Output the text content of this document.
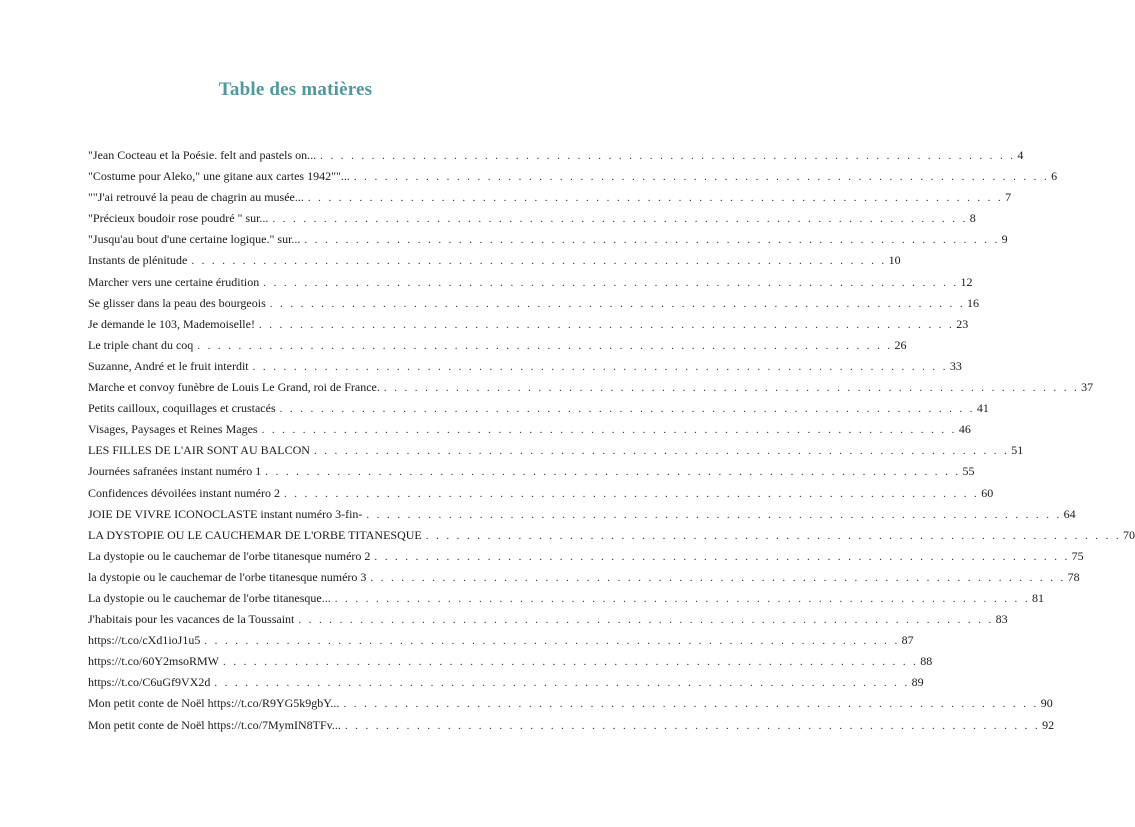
Table des matières
"Jean Cocteau et la Poésie. felt and pastels on... . . .	4
"Costume pour Aleko," une gitane aux cartes 1942""... . . .	6
""J'ai retrouvé la peau de chagrin au musée... . . .	7
"Précieux boudoir rose poudré " sur... . . .	8
"Jusqu'au bout d'une certaine logique." sur... . . .	9
Instants de plénitude . . .	10
Marcher vers une certaine érudition . . .	12
Se glisser dans la peau des bourgeois . . .	16
Je demande le 103, Mademoiselle! . . .	23
Le triple chant du coq . . .	26
Suzanne, André et le fruit interdit . . .	33
Marche et convoy funèbre de Louis Le Grand, roi de France. . . .	37
Petits cailloux, coquillages et crustacés . . .	41
Visages, Paysages et Reines Mages . . .	46
LES FILLES DE L'AIR SONT AU BALCON . . .	51
Journées safranées instant numéro 1 . . .	55
Confidences dévoilées instant numéro 2 . . .	60
JOIE DE VIVRE ICONOCLASTE instant numéro 3-fin- . . .	64
LA DYSTOPIE OU LE CAUCHEMAR DE L'ORBE TITANESQUE . . .	70
La dystopie ou le cauchemar de l'orbe titanesque numéro 2 . . .	75
la dystopie ou le cauchemar de l'orbe titanesque numéro 3 . . .	78
La dystopie ou le cauchemar de l'orbe titanesque... . . .	81
J'habitais pour les vacances de la Toussaint . . .	83
https://t.co/cXd1ioJ1u5 . . .	87
https://t.co/60Y2msoRMW . . .	88
https://t.co/C6uGf9VX2d . . .	89
Mon petit conte de Noël https://t.co/R9YG5k9gbY... . . .	90
Mon petit conte de Noël https://t.co/7MymIN8TFv... . . .	92
